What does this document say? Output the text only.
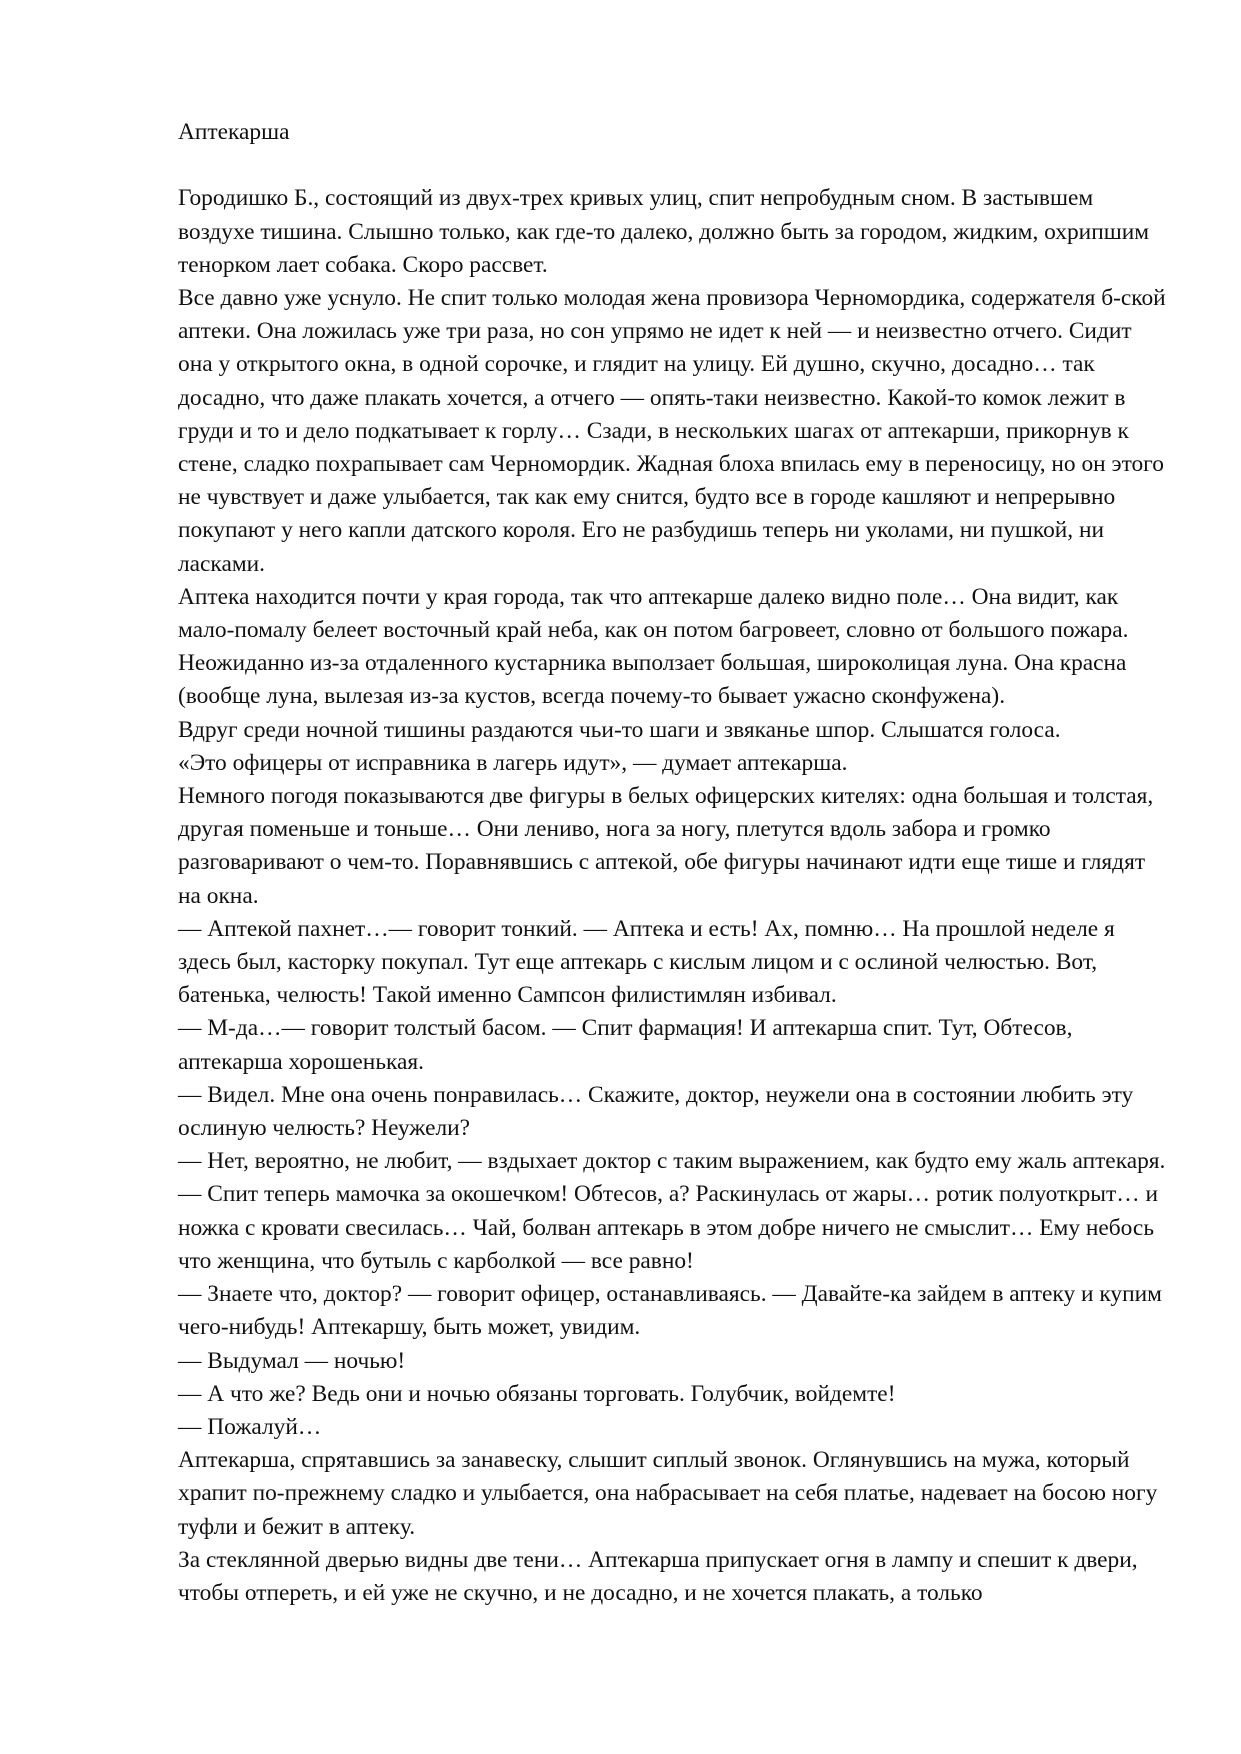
Аптекарша

Городишко Б., состоящий из двух-трех кривых улиц, спит непробудным сном. В застывшем воздухе тишина. Слышно только, как где-то далеко, должно быть за городом, жидким, охрипшим тенорком лает собака. Скоро рассвет.

Все давно уже уснуло. Не спит только молодая жена провизора Черномордика, содержателя б-ской аптеки. Она ложилась уже три раза, но сон упрямо не идет к ней — и неизвестно отчего. Сидит она у открытого окна, в одной сорочке, и глядит на улицу. Ей душно, скучно, досадно… так досадно, что даже плакать хочется, а отчего — опять-таки неизвестно. Какой-то комок лежит в груди и то и дело подкатывает к горлу… Сзади, в нескольких шагах от аптекарши, прикорнув к стене, сладко похрапывает сам Черномордик. Жадная блоха впилась ему в переносицу, но он этого не чувствует и даже улыбается, так как ему снится, будто все в городе кашляют и непрерывно покупают у него капли датского короля. Его не разбудишь теперь ни уколами, ни пушкой, ни ласками.

Аптека находится почти у края города, так что аптекарше далеко видно поле… Она видит, как мало-помалу белеет восточный край неба, как он потом багровеет, словно от большого пожара. Неожиданно из-за отдаленного кустарника выползает большая, широколицая луна. Она красна (вообще луна, вылезая из-за кустов, всегда почему-то бывает ужасно сконфужена).

Вдруг среди ночной тишины раздаются чьи-то шаги и звяканье шпор. Слышатся голоса.

«Это офицеры от исправника в лагерь идут», — думает аптекарша.

Немного погодя показываются две фигуры в белых офицерских кителях: одна большая и толстая, другая поменьше и тоньше… Они лениво, нога за ногу, плетутся вдоль забора и громко разговаривают о чем-то. Поравнявшись с аптекой, обе фигуры начинают идти еще тише и глядят на окна.

— Аптекой пахнет…— говорит тонкий. — Аптека и есть! Ах, помню… На прошлой неделе я здесь был, касторку покупал. Тут еще аптекарь с кислым лицом и с ослиной челюстью. Вот, батенька, челюсть! Такой именно Сампсон филистимлян избивал.

— М-да…— говорит толстый басом. — Спит фармация! И аптекарша спит. Тут, Обтесов, аптекарша хорошенькая.

— Видел. Мне она очень понравилась… Скажите, доктор, неужели она в состоянии любить эту ослиную челюсть? Неужели?

— Нет, вероятно, не любит, — вздыхает доктор с таким выражением, как будто ему жаль аптекаря. — Спит теперь мамочка за окошечком! Обтесов, а? Раскинулась от жары… ротик полуоткрыт… и ножка с кровати свесилась… Чай, болван аптекарь в этом добре ничего не смыслит… Ему небось что женщина, что бутыль с карболкой — все равно!

— Знаете что, доктор? — говорит офицер, останавливаясь. — Давайте-ка зайдем в аптеку и купим чего-нибудь! Аптекаршу, быть может, увидим.

— Выдумал — ночью!

— А что же? Ведь они и ночью обязаны торговать. Голубчик, войдемте!

— Пожалуй…

Аптекарша, спрятавшись за занавеску, слышит сиплый звонок. Оглянувшись на мужа, который храпит по-прежнему сладко и улыбается, она набрасывает на себя платье, надевает на босою ногу туфли и бежит в аптеку.

За стеклянной дверью видны две тени… Аптекарша припускает огня в лампу и спешит к двери, чтобы отпереть, и ей уже не скучно, и не досадно, и не хочется плакать, а только
